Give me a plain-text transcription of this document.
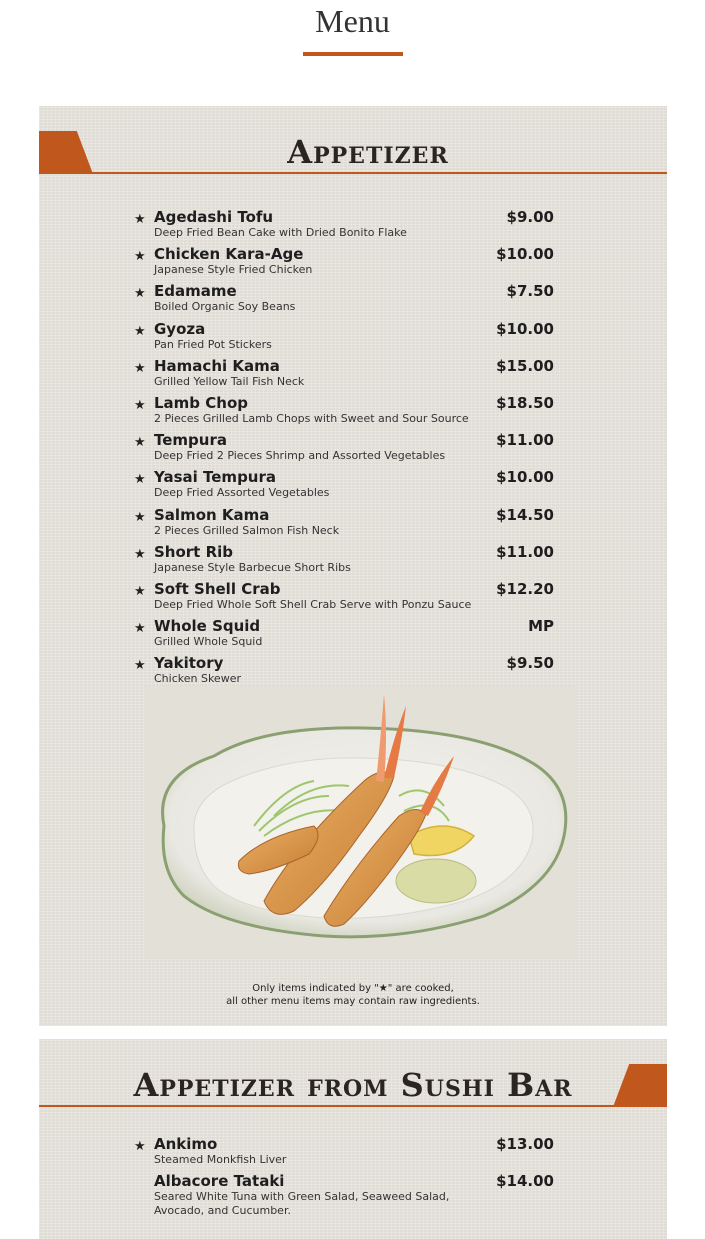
Menu
Appetizer
★ Agedashi Tofu
Deep Fried Bean Cake with Dried Bonito Flake
$9.00
★ Chicken Kara-Age
Japanese Style Fried Chicken
$10.00
★ Edamame
Boiled Organic Soy Beans
$7.50
★ Gyoza
Pan Fried Pot Stickers
$10.00
★ Hamachi Kama
Grilled Yellow Tail Fish Neck
$15.00
★ Lamb Chop
2 Pieces Grilled Lamb Chops with Sweet and Sour Source
$18.50
★ Tempura
Deep Fried 2 Pieces Shrimp and Assorted Vegetables
$11.00
★ Yasai Tempura
Deep Fried Assorted Vegetables
$10.00
★ Salmon Kama
2 Pieces Grilled Salmon Fish Neck
$14.50
★ Short Rib
Japanese Style Barbecue Short Ribs
$11.00
★ Soft Shell Crab
Deep Fried Whole Soft Shell Crab Serve with Ponzu Sauce
$12.20
★ Whole Squid
Grilled Whole Squid
MP
★ Yakitory
Chicken Skewer
$9.50
Only items indicated by "★" are cooked,
all other menu items may contain raw ingredients.
Appetizer from Sushi Bar
★ Ankimo
Steamed Monkfish Liver
$13.00
Albacore Tataki
Seared White Tuna with Green Salad, Seaweed Salad, Avocado, and Cucumber.
$14.00
